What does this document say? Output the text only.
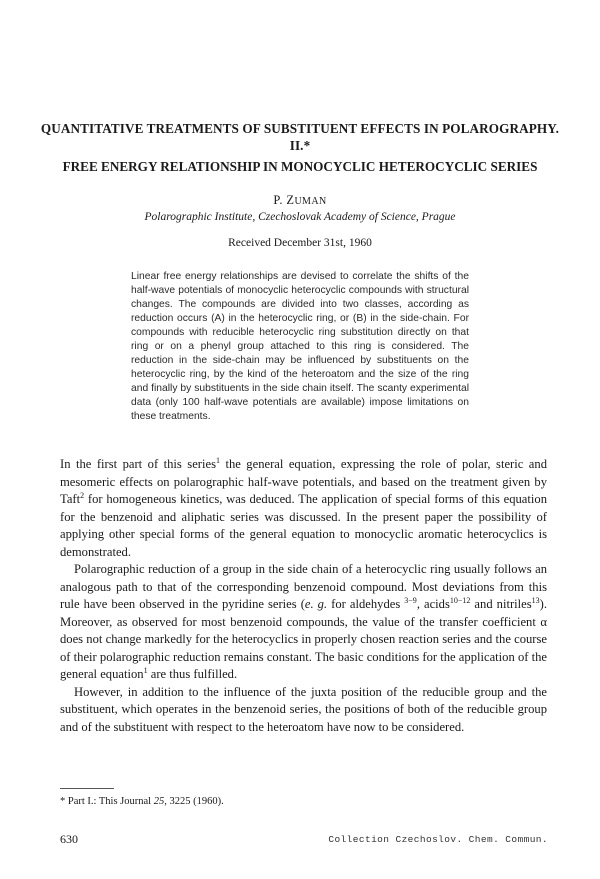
QUANTITATIVE TREATMENTS OF SUBSTITUENT EFFECTS IN POLAROGRAPHY. II.*
FREE ENERGY RELATIONSHIP IN MONOCYCLIC HETEROCYCLIC SERIES
P. ZUMAN
Polarographic Institute, Czechoslovak Academy of Science, Prague
Received December 31st, 1960
Linear free energy relationships are devised to correlate the shifts of the half-wave potentials of monocyclic heterocyclic compounds with structural changes. The compounds are divided into two classes, according as reduction occurs (A) in the heterocyclic ring, or (B) in the side-chain. For compounds with reducible heterocyclic ring substitution directly on that ring or on a phenyl group attached to this ring is considered. The reduction in the side-chain may be influenced by substituents on the heterocyclic ring, by the kind of the heteroatom and the size of the ring and finally by substituents in the side chain itself. The scanty experimental data (only 100 half-wave potentials are available) impose limitations on these treatments.

In the first part of this series$^1$ the general equation, expressing the role of polar, steric and mesomeric effects on polarographic half-wave potentials, and based on the treatment given by Taft$^2$ for homogeneous kinetics, was deduced. The application of special forms of this equation for the benzenoid and aliphatic series was discussed. In the present paper the possibility of applying other special forms of the general equation to monocyclic aromatic heterocyclics is demonstrated.

Polarographic reduction of a group in the side chain of a heterocyclic ring usually follows an analogous path to that of the corresponding benzenoid compound. Most deviations from this rule have been observed in the pyridine series (e. g. for aldehydes $^{3-9}$, acids$^{10-12}$ and nitriles$^{13}$). Moreover, as observed for most benzenoid compounds, the value of the transfer coefficient α does not change markedly for the heterocyclics in properly chosen reaction series and the course of their polarographic reduction remains constant. The basic conditions for the application of the general equation$^1$ are thus fulfilled.

However, in addition to the influence of the juxta position of the reducible group and the substituent, which operates in the benzenoid series, the positions of both of the reducible group and of the substituent with respect to the heteroatom have now to be considered.

* Part I.: This Journal 25, 3225 (1960).
630	Collection Czechoslov. Chem. Commun.
